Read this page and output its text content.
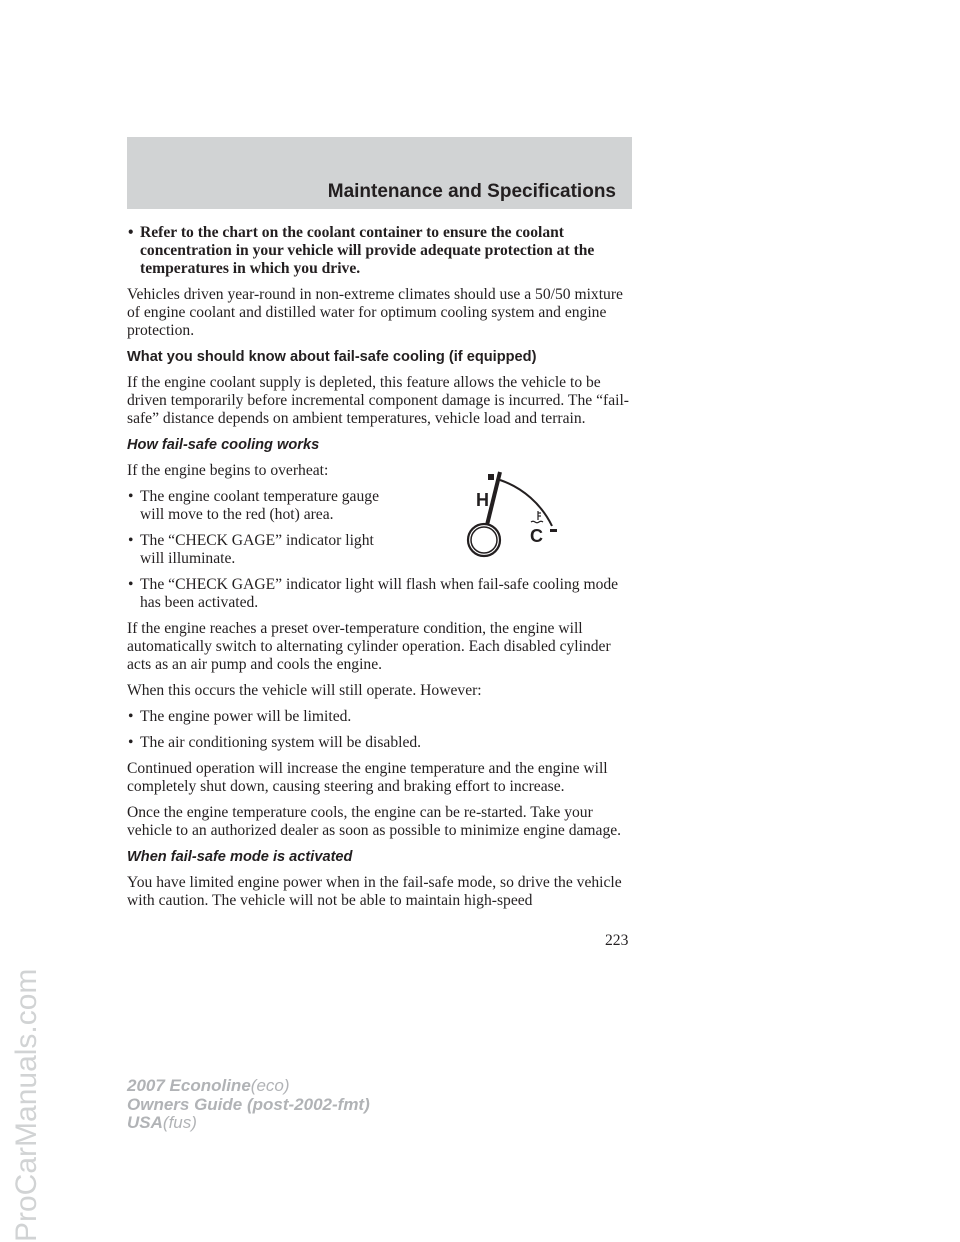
Maintenance and Specifications
• Refer to the chart on the coolant container to ensure the coolant concentration in your vehicle will provide adequate protection at the temperatures in which you drive.

Vehicles driven year-round in non-extreme climates should use a 50/50 mixture of engine coolant and distilled water for optimum cooling system and engine protection.

What you should know about fail-safe cooling (if equipped)

If the engine coolant supply is depleted, this feature allows the vehicle to be driven temporarily before incremental component damage is incurred. The “fail-safe” distance depends on ambient temperatures, vehicle load and terrain.

How fail-safe cooling works

If the engine begins to overheat:

• The engine coolant temperature gauge will move to the red (hot) area.
• The “CHECK GAGE” indicator light will illuminate.
H
C
• The “CHECK GAGE” indicator light will flash when fail-safe cooling mode has been activated.

If the engine reaches a preset over-temperature condition, the engine will automatically switch to alternating cylinder operation. Each disabled cylinder acts as an air pump and cools the engine.

When this occurs the vehicle will still operate. However:

• The engine power will be limited.
• The air conditioning system will be disabled.

Continued operation will increase the engine temperature and the engine will completely shut down, causing steering and braking effort to increase.

Once the engine temperature cools, the engine can be re-started. Take your vehicle to an authorized dealer as soon as possible to minimize engine damage.

When fail-safe mode is activated

You have limited engine power when in the fail-safe mode, so drive the vehicle with caution. The vehicle will not be able to maintain high-speed

223
2007 Econoline(eco)
Owners Guide (post-2002-fmt)
USA(fus)
ProCarManuals.com
